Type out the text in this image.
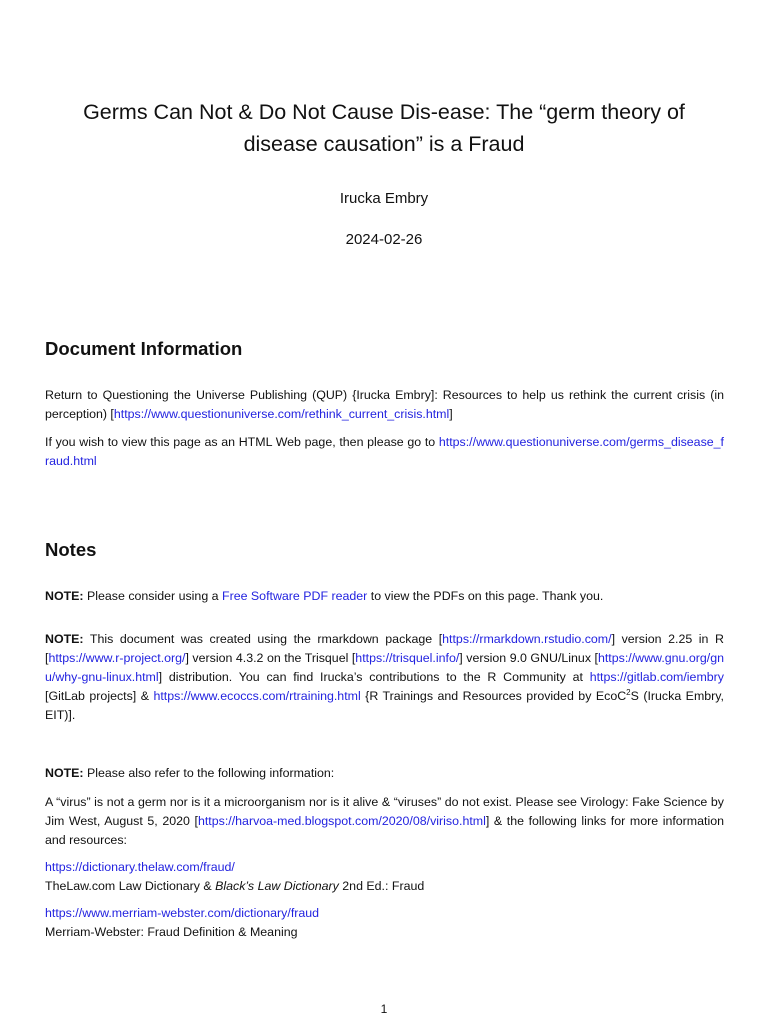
Germs Can Not & Do Not Cause Dis-ease: The “germ theory of disease causation” is a Fraud
Irucka Embry
2024-02-26
Document Information

Return to Questioning the Universe Publishing (QUP) {Irucka Embry]: Resources to help us rethink the current crisis (in perception) [https://www.questionuniverse.com/rethink_current_crisis.html]

If you wish to view this page as an HTML Web page, then please go to https://www.questionuniverse.com/germs_disease_fraud.html

Notes

NOTE: Please consider using a Free Software PDF reader to view the PDFs on this page. Thank you.

NOTE: This document was created using the rmarkdown package [https://rmarkdown.rstudio.com/] version 2.25 in R [https://www.r-project.org/] version 4.3.2 on the Trisquel [https://trisquel.info/] version 9.0 GNU/Linux [https://www.gnu.org/gnu/why-gnu-linux.html] distribution. You can find Irucka’s contributions to the R Community at https://gitlab.com/iembry [GitLab projects] & https://www.ecoccs.com/rtraining.html {R Trainings and Resources provided by EcoC$^2$S (Irucka Embry, EIT)].

NOTE: Please also refer to the following information:

A “virus” is not a germ nor is it a microorganism nor is it alive & “viruses” do not exist. Please see Virology: Fake Science by Jim West, August 5, 2020 [https://harvoa-med.blogspot.com/2020/08/viriso.html] & the following links for more information and resources:

https://dictionary.thelaw.com/fraud/
TheLaw.com Law Dictionary & Black’s Law Dictionary 2nd Ed.: Fraud

https://www.merriam-webster.com/dictionary/fraud
Merriam-Webster: Fraud Definition & Meaning

1
